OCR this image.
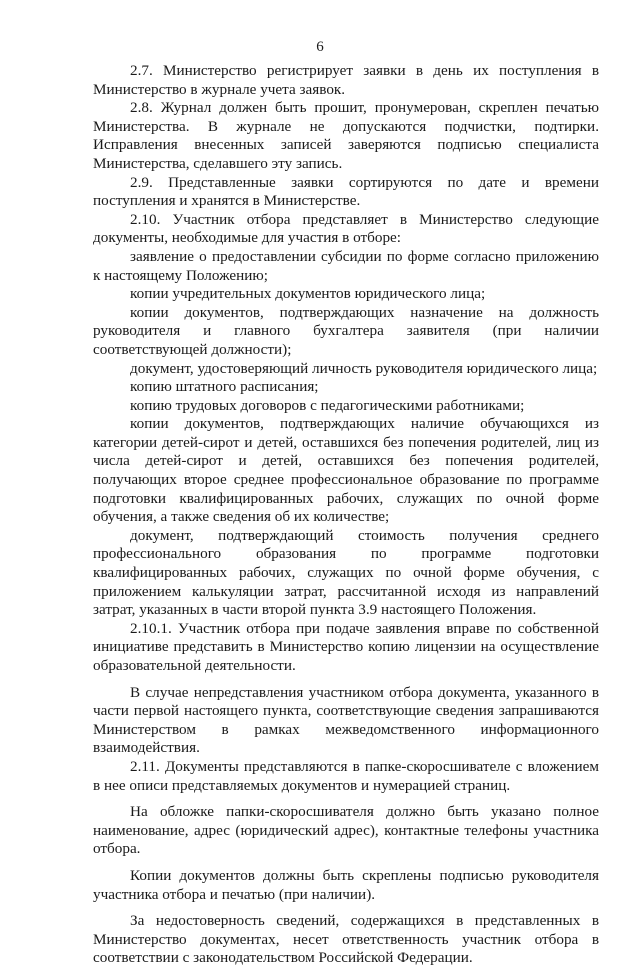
6

2.7. Министерство регистрирует заявки в день их поступления в Министерство в журнале учета заявок.

2.8. Журнал должен быть прошит, пронумерован, скреплен печатью Министерства. В журнале не допускаются подчистки, подтирки. Исправления внесенных записей заверяются подписью специалиста Министерства, сделавшего эту запись.

2.9. Представленные заявки сортируются по дате и времени поступления и хранятся в Министерстве.

2.10. Участник отбора представляет в Министерство следующие документы, необходимые для участия в отборе:

заявление о предоставлении субсидии по форме согласно приложению к настоящему Положению;

копии учредительных документов юридического лица;

копии документов, подтверждающих назначение на должность руководителя и главного бухгалтера заявителя (при наличии соответствующей должности);

документ, удостоверяющий личность руководителя юридического лица;

копию штатного расписания;

копию трудовых договоров с педагогическими работниками;

копии документов, подтверждающих наличие обучающихся из категории детей-сирот и детей, оставшихся без попечения родителей, лиц из числа детей-сирот и детей, оставшихся без попечения родителей, получающих второе среднее профессиональное образование по программе подготовки квалифицированных рабочих, служащих по очной форме обучения, а также сведения об их количестве;

документ, подтверждающий стоимость получения среднего профессионального образования по программе подготовки квалифицированных рабочих, служащих по очной форме обучения, с приложением калькуляции затрат, рассчитанной исходя из направлений затрат, указанных в части второй пункта 3.9 настоящего Положения.

2.10.1. Участник отбора при подаче заявления вправе по собственной инициативе представить в Министерство копию лицензии на осуществление образовательной деятельности.

В случае непредставления участником отбора документа, указанного в части первой настоящего пункта, соответствующие сведения запрашиваются Министерством в рамках межведомственного информационного взаимодействия.

2.11. Документы представляются в папке-скоросшивателе с вложением в нее описи представляемых документов и нумерацией страниц.

На обложке папки-скоросшивателя должно быть указано полное наименование, адрес (юридический адрес), контактные телефоны участника отбора.

Копии документов должны быть скреплены подписью руководителя участника отбора и печатью (при наличии).

За недостоверность сведений, содержащихся в представленных в Министерство документах, несет ответственность участник отбора в соответствии с законодательством Российской Федерации.
